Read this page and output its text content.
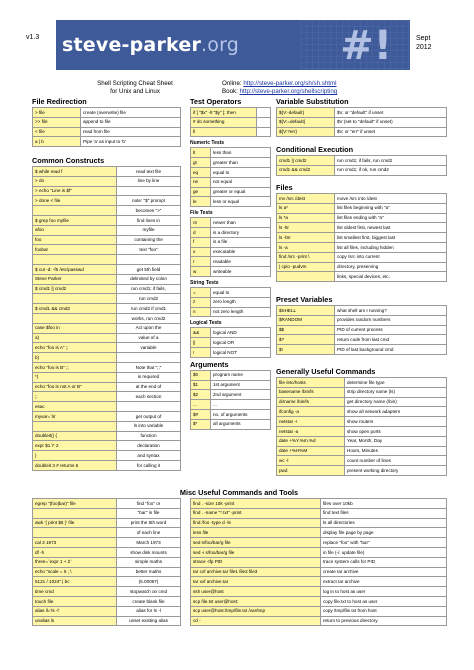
v1.3 steve-parker.org	#!	Sept
2012
Shell Scripting Cheat Sheet
for Unix and Linux
Online: http://steve-parker.org/sh/sh.shtml
Book: http://steve-parker.org/shellscripting
File Redirection
> file	create (overwrite) file
>> file	append to file
< file	read from file
a | b	Pipe 'a' as input to 'b'
Common Constructs
$ while read f	read text file
> do	line by line
> echo "Line is $f"	
> done < file	note: "$" prompt
	becomes ">"
$ grep foo myfile	find lines in
afoo	myfile
foo	containing the
foobar	text "foo"

$ cut -d: -f5 /etc/passwd	get 5th field
Steve Parker	delimited by colon
$ cmd1 || cmd2	run cmd1; if fails,
	run cmd2
$ cmd1 && cmd2	run cmd2 if cmd1
	works, run cmd2
case $foo in	Act upon the
a)	value of a
echo "foo is A" ;;	variable
b)	
echo "foo is B" ;;	Note that ";;"
*)	is required
echo "foo is not A or B"	at the end of
;;	each section
esac	
myvar=`ls`	get output of
	ls into variable
doubleit() {	function
expr $1 \* 2	declaration
}	and syntax
doubleit 3 # returns 6	for calling it
Test Operators
if [ "$x" -lt "$y" ]; then	
# do something	
fi	
Numeric Tests
lt	less than
gt	greater than
eq	equal to
ne	not equal
ge	greater or equal
le	less or equal
File Tests
nt	newer than
d	is a directory
f	is a file
x	executable
r	readable
w	writeable
String Tests
=	equal to
z	zero length
n	not zero length
Logical Tests
&&	logical AND
||	logical OR
!	logical NOT
Arguments
$0	program name
$1	1st argument
$2	2nd argument
...	...
$#	no. of arguments
$*	all arguments
Variable Substitution
${V:-default}	$V, or "default" if unset
${V:=default}	$V (set to "default" if unset)
${V:?err}	$V, or "err" if unset
Conditional Execution
cmd1 || cmd2	run cmd1; if fails, run cmd2
cmd1 && cmd2	run cmd1; if ok, run cmd2
Files
mv /src /dest	move /src into /dest
ls a*	list files beginning with "a"
ls *a	list files ending with "a"
ls -ltr	list oldest first, newest last
ls -lSr	list smallest first, biggest last
ls -a	list all files, including hidden
find /src -print \	copy /src into current
| cpio -pudvm	directory, preserving
	links, special devices, etc.
Preset Variables
$SHELL	what shell am I running?
$RANDOM	provides random numbers
$$	PID of current process
$?	return code from last cmd
$!	PID of last background cmd
Generally Useful Commands
file /etc/hosts	determine file type
basename /bin/ls	strip directory name (ls)
dirname /bin/ls	get directory name (/bin)
ifconfig -a	show all network adapters
netstat -r	show routers
netstat -a	show open ports
date +%Y.%m.%d	Year, Month, Day
date +%H%M	Hours, Minutes
wc -l	count number of lines
pwd	present working directory
Misc Useful Commands and Tools
egrep "(foo|bar)" file	find "foo" or
	"bar" in file
awk '{ print $5 }' file	print the 5th word
	of each line
cal 3 1973	March 1973
df -h	show disk mounts
three=`expr 1 + 2`	simple maths
echo "scale = 5 ; \	better maths
5121 / 1024" | bc	(5.00097)
time cmd	stopwatch on cmd
touch file	create blank file
alias ll='ls -l'	alias for ls -l
unalias ls	unset existing alias
find . -size 10k -print	files over 10kb
find . -name "*.txt" -print	find text files
find /foo -type d -ls	ls all directories
less file	display file page by page
sed s/foo/bar/g file	replace "foo" with "bar"
sed -i s/foo/bar/g file	in file (-i: update file)
strace -tfp PID	trace system calls for PID
tar cvf archive.tar file1 file2 file3	create tar archive
tar xvf archive.tar	extract tar archive
ssh user@host	log in to host as user
scp file.txt user@host:	copy file.txt to host as user
scp user@host:/tmp/file.txt /var/tmp	copy /tmp/file.txt from host
cd -	return to previous directory
